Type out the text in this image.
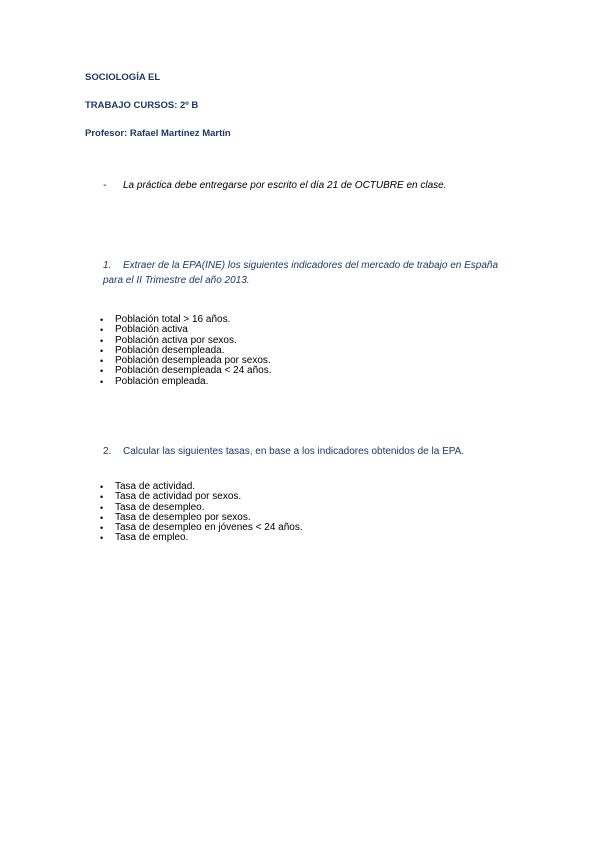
SOCIOLOGÍA EL
TRABAJO CURSOS: 2º B
Profesor: Rafael Martínez Martín
- La práctica debe entregarse por escrito el día 21 de OCTUBRE en clase.
1. Extraer de la EPA(INE) los siguientes indicadores del mercado de trabajo en España para el II Trimestre del año 2013.
• Población total > 16 años.
• Población activa
• Población activa por sexos.
• Población desempleada.
• Población desempleada por sexos.
• Población desempleada < 24 años.
• Población empleada.
2. Calcular las siguientes tasas, en base a los indicadores obtenidos de la EPA.
• Tasa de actividad.
• Tasa de actividad por sexos.
• Tasa de desempleo.
• Tasa de desempleo por sexos.
• Tasa de desempleo en jóvenes < 24 años.
• Tasa de empleo.
